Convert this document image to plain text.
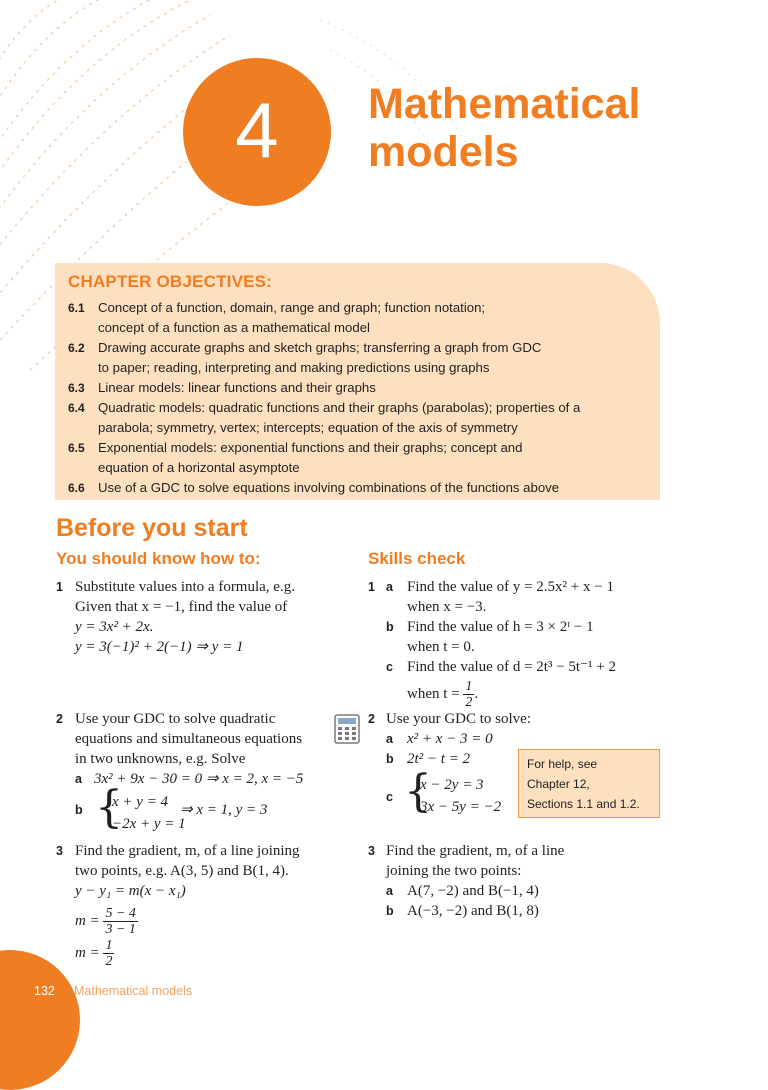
4 Mathematical
models
CHAPTER OBJECTIVES:
6.1 Concept of a function, domain, range and graph; function notation;
concept of a function as a mathematical model
6.2 Drawing accurate graphs and sketch graphs; transferring a graph from GDC
to paper; reading, interpreting and making predictions using graphs
6.3 Linear models: linear functions and their graphs
6.4 Quadratic models: quadratic functions and their graphs (parabolas); properties of a
parabola; symmetry, vertex; intercepts; equation of the axis of symmetry
6.5 Exponential models: exponential functions and their graphs; concept and
equation of a horizontal asymptote
6.6 Use of a GDC to solve equations involving combinations of the functions above
Before you start
You should know how to:	Skills check
1 Substitute values into a formula, e.g.
Given that x = −1, find the value of
y = 3x² + 2x.
y = 3(−1)² + 2(−1) ⇒ y = 1
2 Use your GDC to solve quadratic
equations and simultaneous equations
in two unknowns, e.g. Solve
a 3x² + 9x − 30 = 0 ⇒ x = 2, x = −5
b {
x + y = 4
−2x + y = 1
⇒ x = 1, y = 3
3 Find the gradient, m, of a line joining
two points, e.g. A(3, 5) and B(1, 4).
y − y₁ = m(x − x₁)
$m = \frac{5 - 4}{3 - 1}$
$m = \frac{1}{2}$
1 a Find the value of y = 2.5x² + x − 1
when x = −3.
b Find the value of h = 3 × 2ᵗ − 1
when t = 0.
c Find the value of d = 2t³ − 5t⁻¹ + 2
when $t = \frac{1}{2}$ .
2 Use your GDC to solve:
a x² + x − 3 = 0
b 2t² − t = 2
c {
x − 2y = 3
3x − 5y = −2
For help, see
Chapter 12,
Sections 1.1 and 1.2.
3 Find the gradient, m, of a line
joining the two points:
a A(7, −2) and B(−1, 4)
b A(−3, −2) and B(1, 8)
132 Mathematical models
